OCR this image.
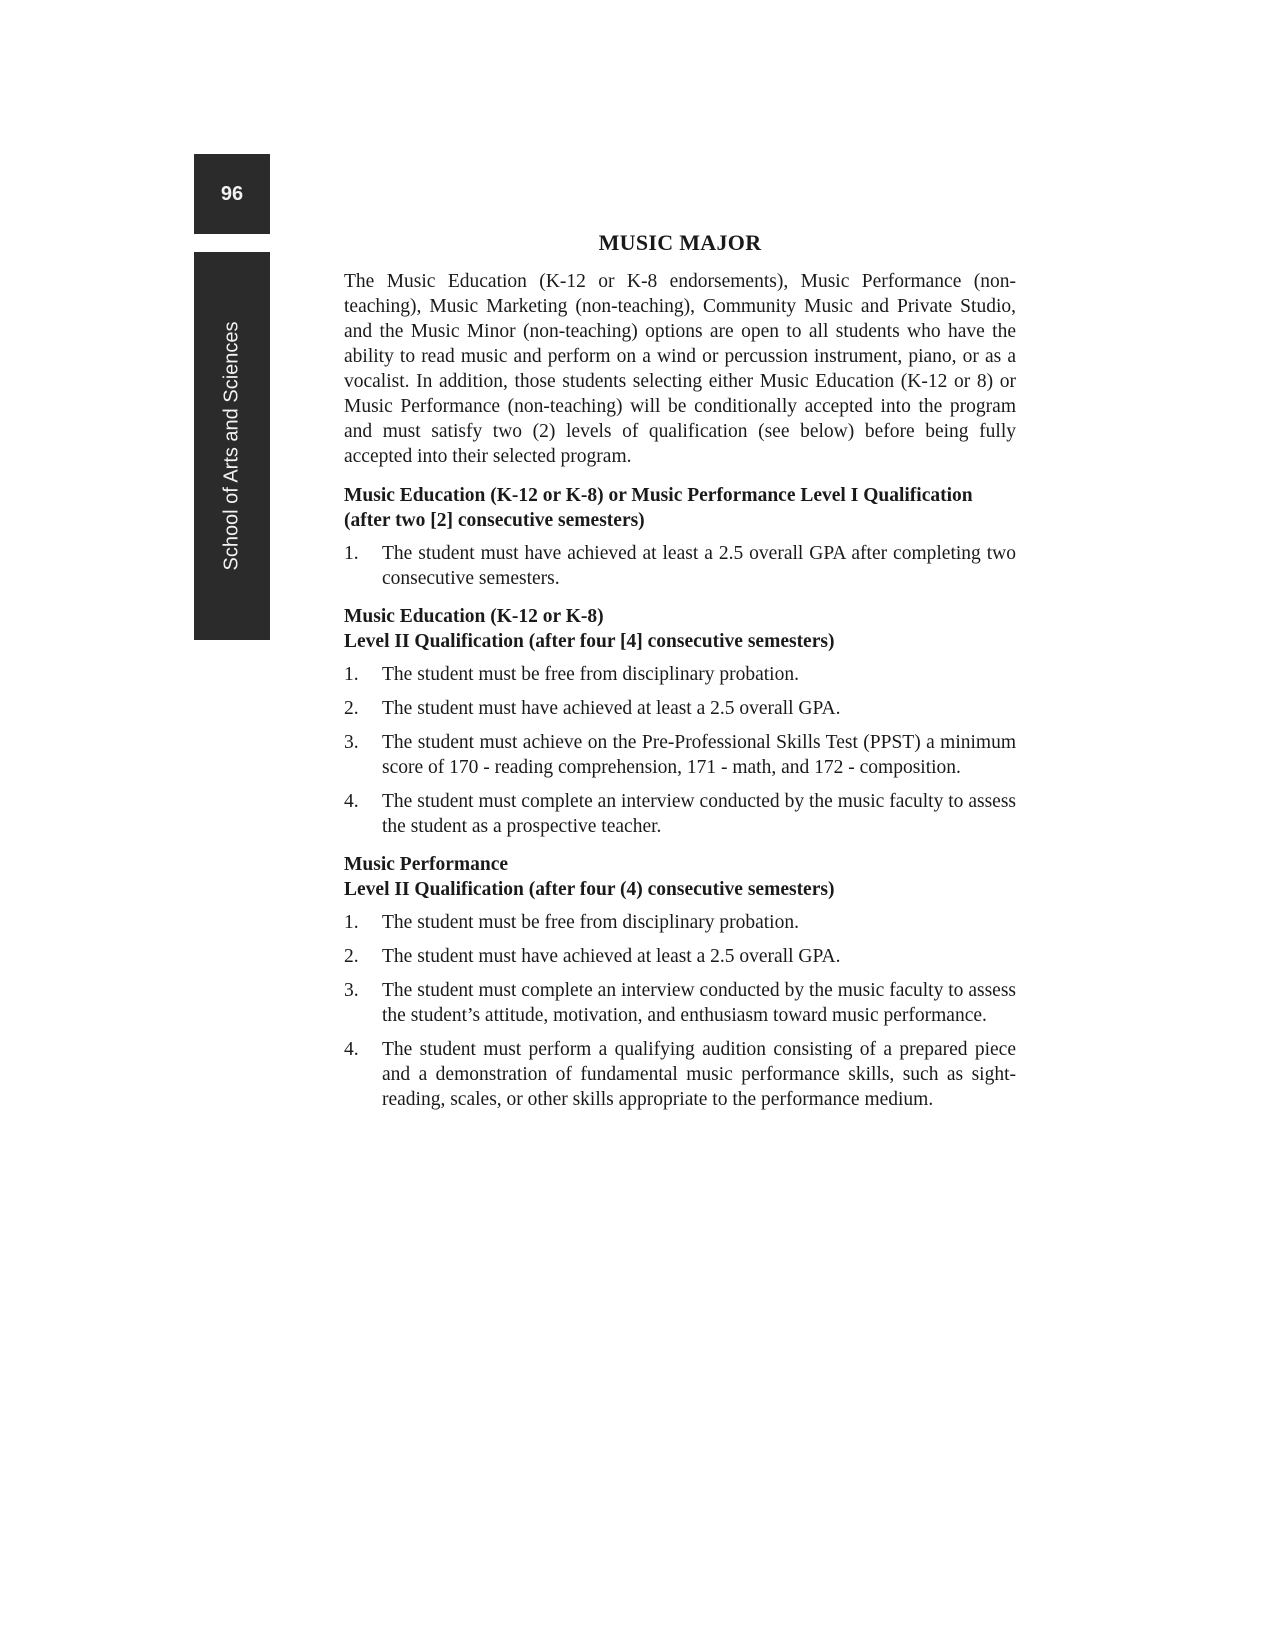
96
School of Arts and Sciences
MUSIC MAJOR

The Music Education (K-12 or K-8 endorsements), Music Performance (non-teaching), Music Marketing (non-teaching), Community Music and Private Studio, and the Music Minor (non-teaching) options are open to all students who have the ability to read music and perform on a wind or percussion instrument, piano, or as a vocalist. In addition, those students selecting either Music Education (K-12 or 8) or Music Performance (non-teaching) will be conditionally accepted into the program and must satisfy two (2) levels of qualification (see below) before being fully accepted into their selected program.

Music Education (K-12 or K-8) or Music Performance Level I Qualification
(after two [2] consecutive semesters)
1. The student must have achieved at least a 2.5 overall GPA after completing two consecutive semesters.
Music Education (K-12 or K-8)
Level II Qualification (after four [4] consecutive semesters)
1. The student must be free from disciplinary probation.
2. The student must have achieved at least a 2.5 overall GPA.
3. The student must achieve on the Pre-Professional Skills Test (PPST) a minimum score of 170 - reading comprehension, 171 - math, and 172 - composition.
4. The student must complete an interview conducted by the music faculty to assess the student as a prospective teacher.
Music Performance
Level II Qualification (after four (4) consecutive semesters)
1. The student must be free from disciplinary probation.
2. The student must have achieved at least a 2.5 overall GPA.
3. The student must complete an interview conducted by the music faculty to assess the student’s attitude, motivation, and enthusiasm toward music performance.
4. The student must perform a qualifying audition consisting of a prepared piece and a demonstration of fundamental music performance skills, such as sight-reading, scales, or other skills appropriate to the performance medium.
